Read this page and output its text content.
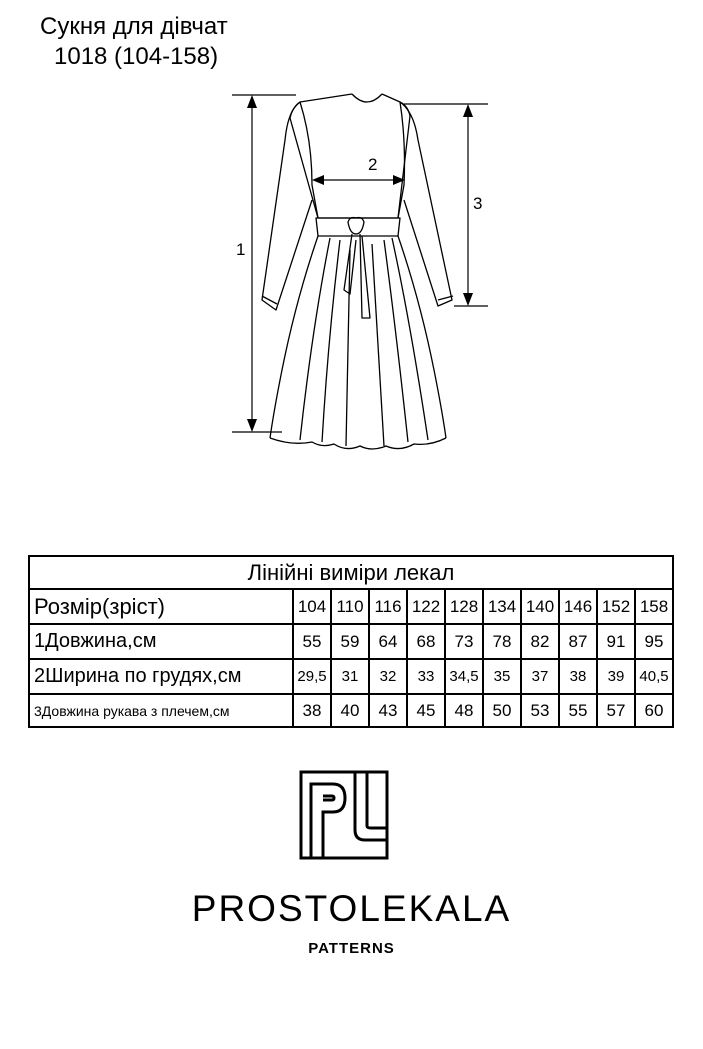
Сукня для дівчат
1018 (104-158)
1
2
3
Лінійні виміри лекал										
Розмір(зріст)	104	110	116	122	128	134	140	146	152	158
1Довжина,см	55	59	64	68	73	78	82	87	91	95
2Ширина по грудях,см	29,5	31	32	33	34,5	35	37	38	39	40,5
3Довжина рукава з плечем,см	38	40	43	45	48	50	53	55	57	60
PROSTOLEKALA
PATTERNS
